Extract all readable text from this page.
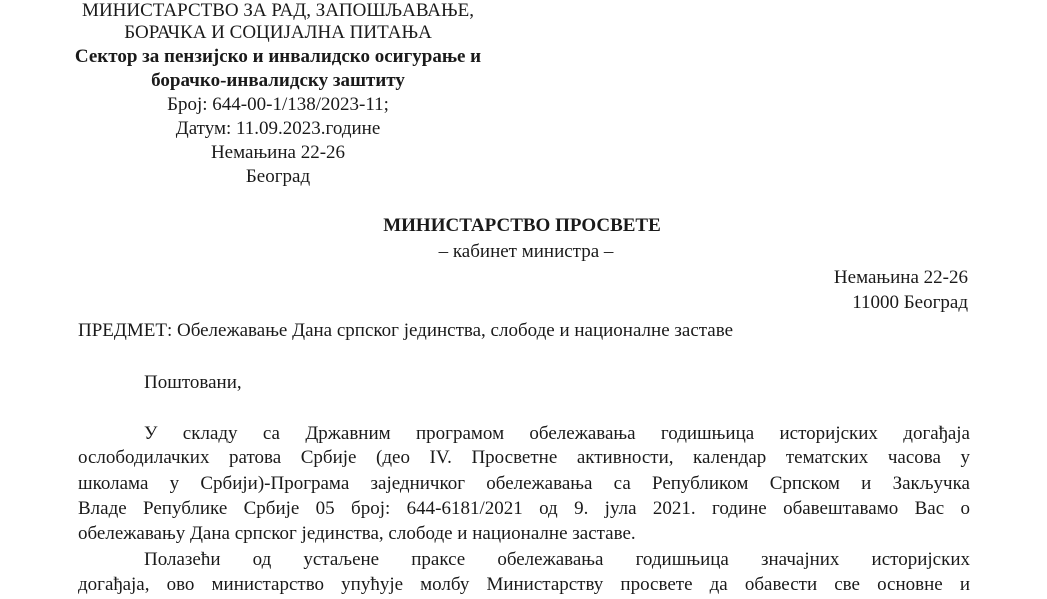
МИНИСТАРСТВО ЗА РАД, ЗАПОШЉАВАЊЕ,
БОРАЧКА И СОЦИЈАЛНА ПИТАЊА
Сектор за пензијско и инвалидско осигурање и
борачко-инвалидску заштиту
Број: 644-00-1/138/2023-11;
Датум: 11.09.2023.године
Немањина 22-26
Београд
МИНИСТАРСТВО ПРОСВЕТЕ
– кабинет министра –
Немањина 22-26
11000 Београд
ПРЕДМЕТ: Обележавање Дана српског јединства, слободе и националне заставе
Поштовани,
У складу са Државним програмом обележавања годишњица историјских догађаја
ослободилачких ратова Србије (део IV. Просветне активности, календар тематских часова у
школама у Србији)-Програма заједничког обележавања са Републиком Српском и Закључка
Владе Републике Србије 05 број: 644-6181/2021 од 9. јула 2021. године обавештавамо Вас о
обележавању Дана српског јединства, слободе и националне заставе.
Полазећи од устаљене праксе обележавања годишњица значајних историјских
догађаја, ово министарство упућује молбу Министарству просвете да обавести све основне и
